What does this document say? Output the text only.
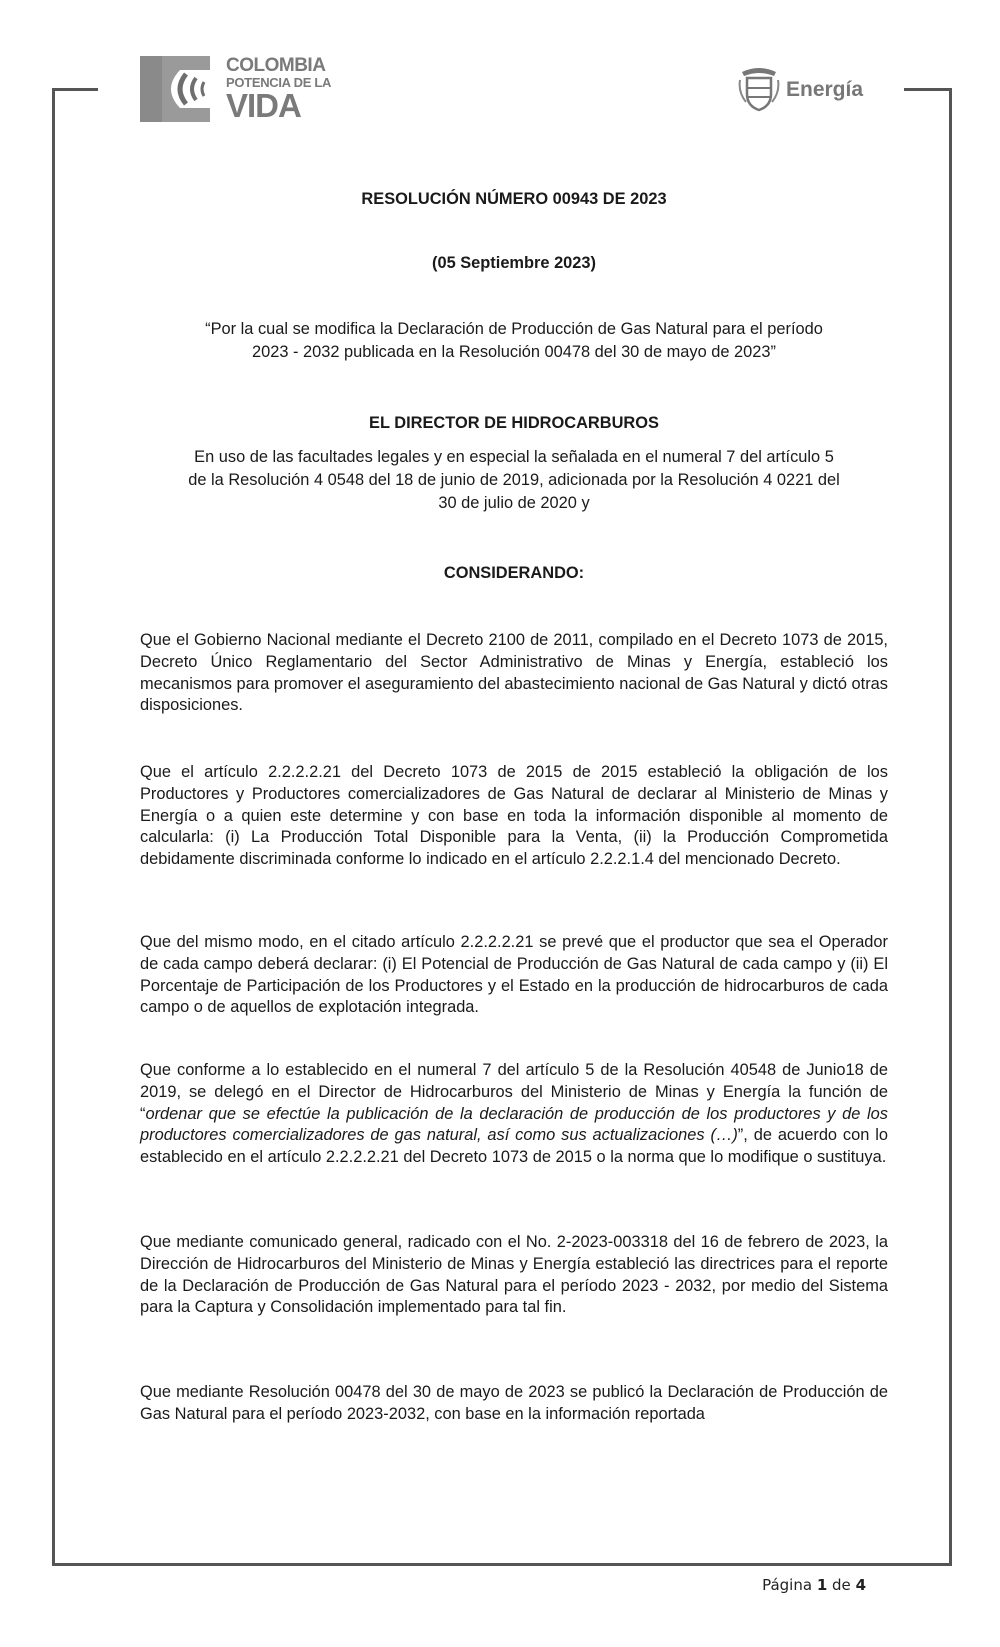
COLOMBIA
POTENCIA DE LA
VIDA	Energía
RESOLUCIÓN NÚMERO 00943 DE 2023
(05 Septiembre 2023)
“Por la cual se modifica la Declaración de Producción de Gas Natural para el período
2023 - 2032 publicada en la Resolución 00478 del 30 de mayo de 2023”
EL DIRECTOR DE HIDROCARBUROS
En uso de las facultades legales y en especial la señalada en el numeral 7 del artículo 5
de la Resolución 4 0548 del 18 de junio de 2019, adicionada por la Resolución 4 0221 del
30 de julio de 2020 y
CONSIDERANDO:
Que el Gobierno Nacional mediante el Decreto 2100 de 2011, compilado en el Decreto 1073 de 2015, Decreto Único Reglamentario del Sector Administrativo de Minas y Energía, estableció los mecanismos para promover el aseguramiento del abastecimiento nacional de Gas Natural y dictó otras disposiciones.
Que el artículo 2.2.2.2.21 del Decreto 1073 de 2015 de 2015 estableció la obligación de los Productores y Productores comercializadores de Gas Natural de declarar al Ministerio de Minas y Energía o a quien este determine y con base en toda la información disponible al momento de calcularla: (i) La Producción Total Disponible para la Venta, (ii) la Producción Comprometida debidamente discriminada conforme lo indicado en el artículo 2.2.2.1.4 del mencionado Decreto.
Que del mismo modo, en el citado artículo 2.2.2.2.21 se prevé que el productor que sea el Operador de cada campo deberá declarar: (i) El Potencial de Producción de Gas Natural de cada campo y (ii) El Porcentaje de Participación de los Productores y el Estado en la producción de hidrocarburos de cada campo o de aquellos de explotación integrada.
Que conforme a lo establecido en el numeral 7 del artículo 5 de la Resolución 40548 de Junio18 de 2019, se delegó en el Director de Hidrocarburos del Ministerio de Minas y Energía la función de “ordenar que se efectúe la publicación de la declaración de producción de los productores y de los productores comercializadores de gas natural, así como sus actualizaciones (…)”, de acuerdo con lo establecido en el artículo 2.2.2.2.21 del Decreto 1073 de 2015 o la norma que lo modifique o sustituya.
Que mediante comunicado general, radicado con el No. 2-2023-003318 del 16 de febrero de 2023, la Dirección de Hidrocarburos del Ministerio de Minas y Energía estableció las directrices para el reporte de la Declaración de Producción de Gas Natural para el período 2023 - 2032, por medio del Sistema para la Captura y Consolidación implementado para tal fin.
Que mediante Resolución 00478 del 30 de mayo de 2023 se publicó la Declaración de Producción de Gas Natural para el período 2023-2032, con base en la información reportada
Página 1 de 4
